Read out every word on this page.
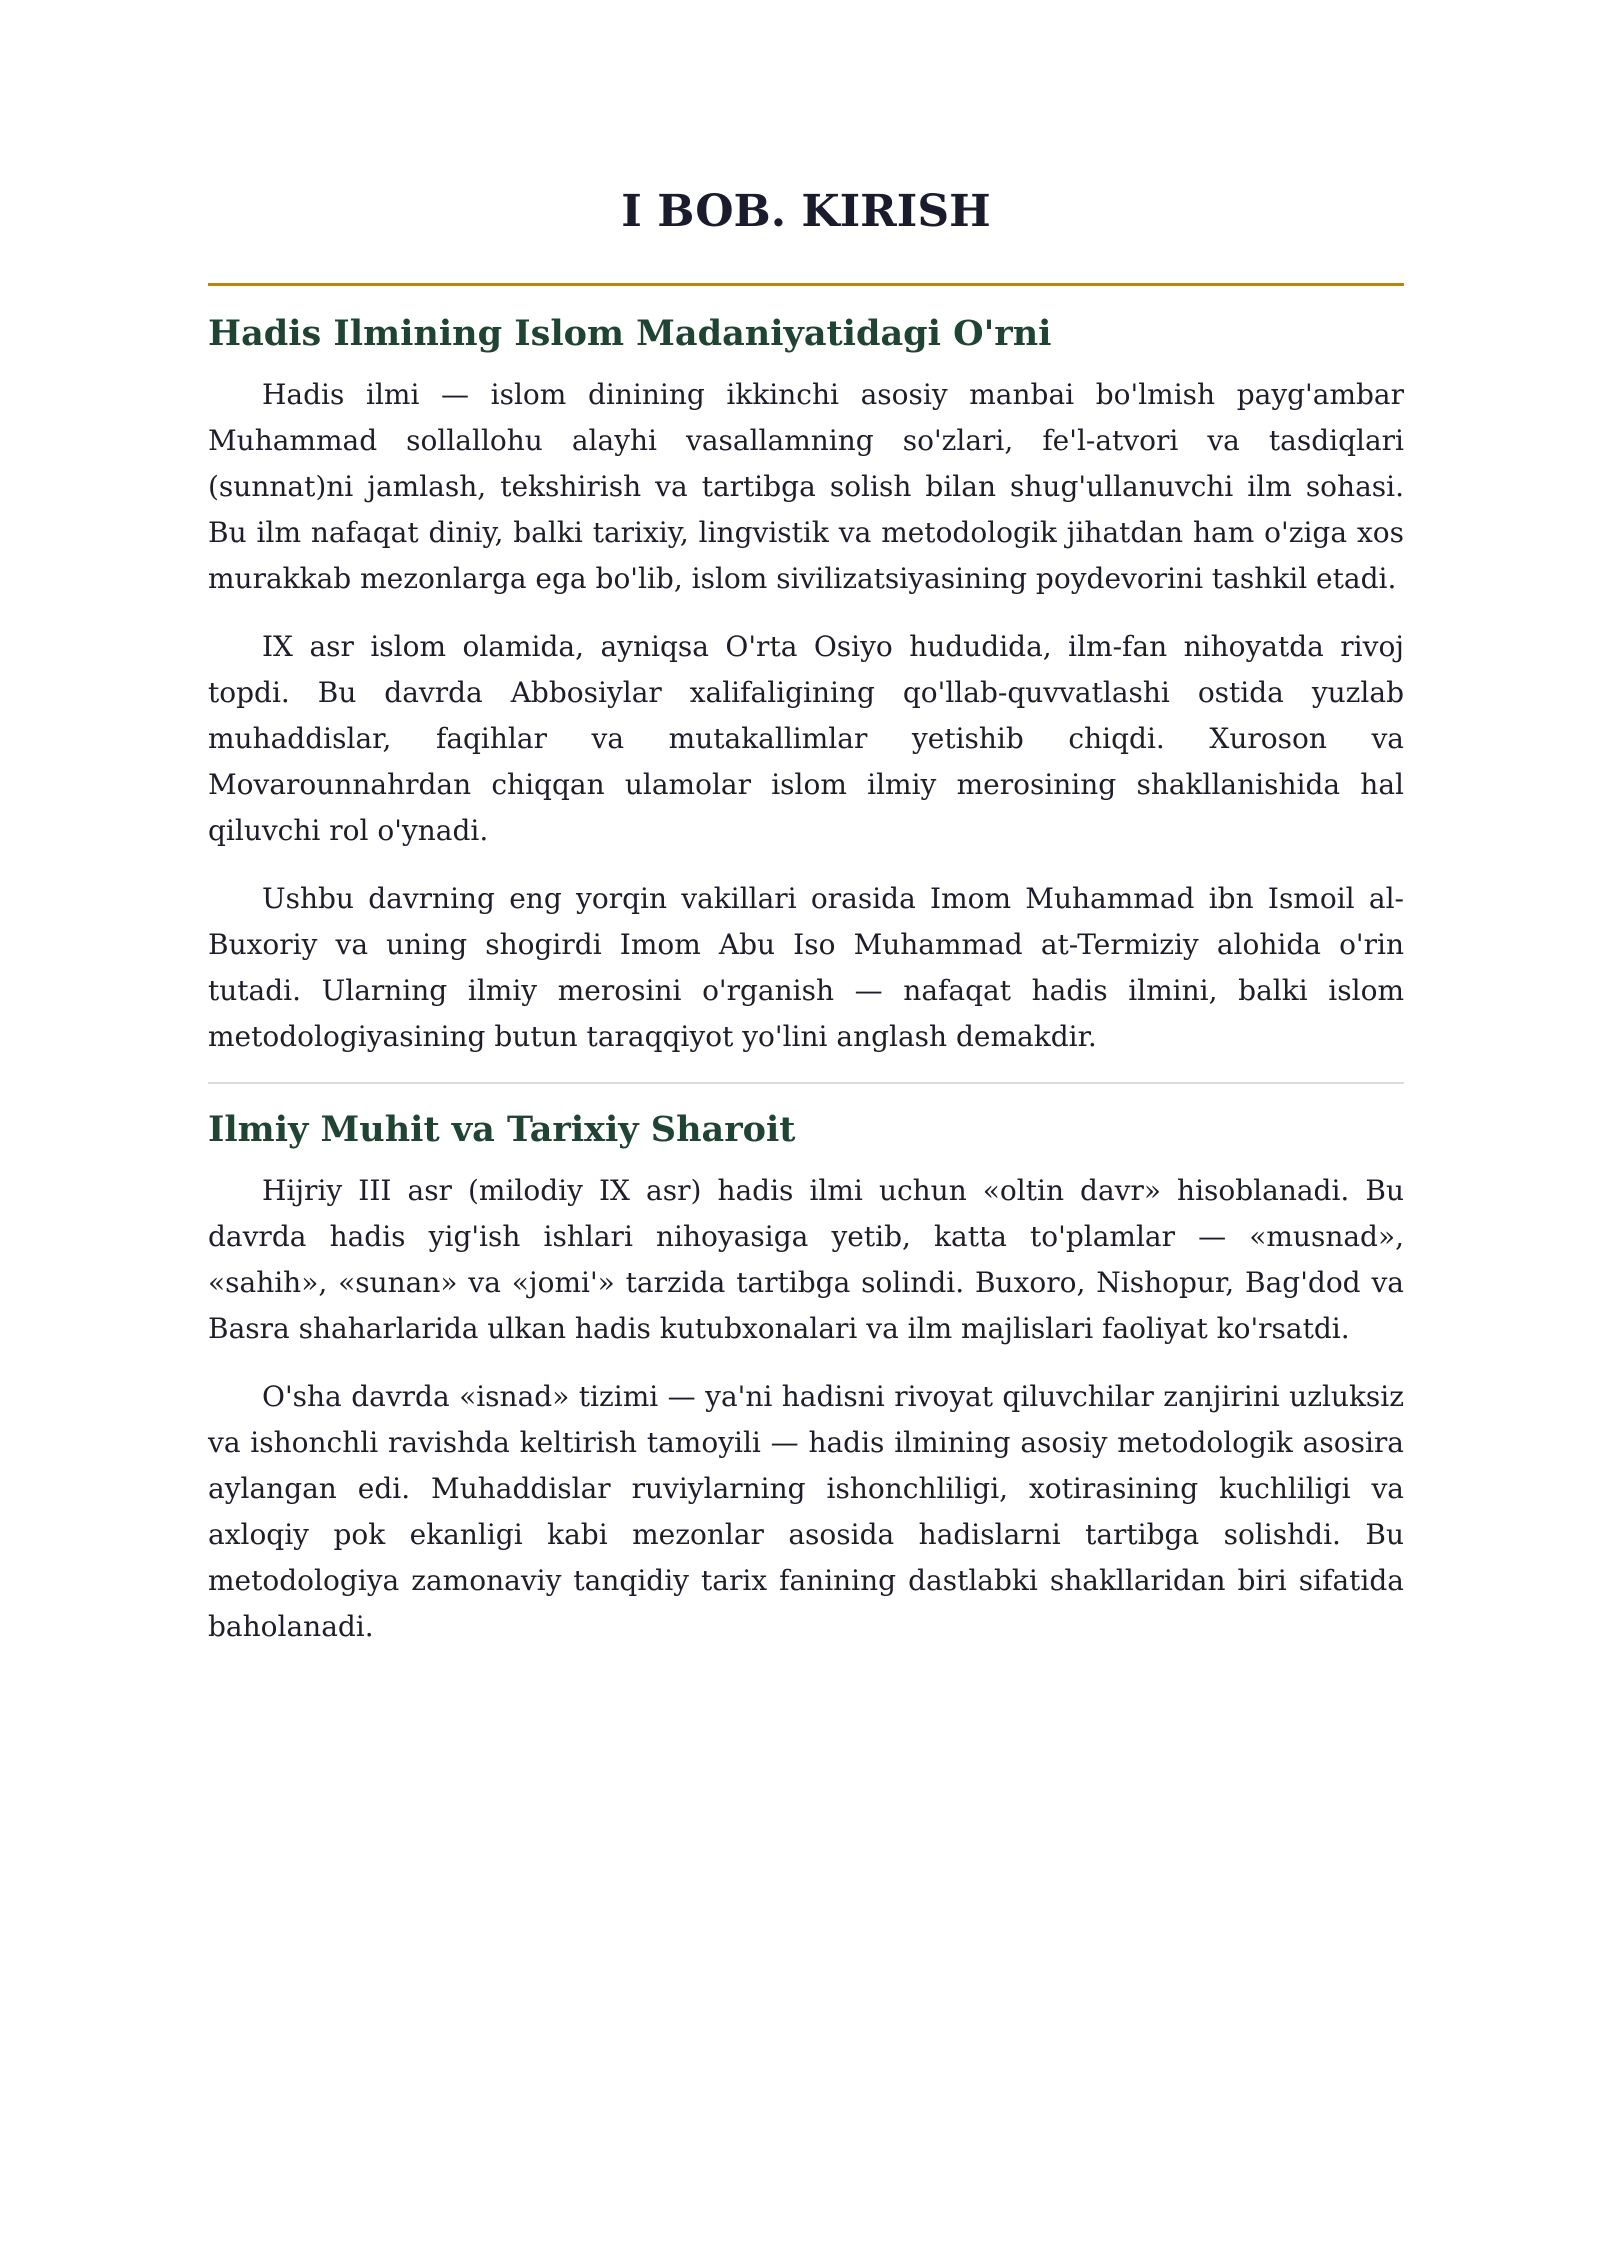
I BOB. KIRISH
Hadis Ilmining Islom Madaniyatidagi O'rni

Hadis ilmi — islom dinining ikkinchi asosiy manbai bo'lmish payg'ambar Muhammad sollallohu alayhi vasallamning so'zlari, fe'l-atvori va tasdiqlari (sunnat)ni jamlash, tekshirish va tartibga solish bilan shug'ullanuvchi ilm sohasi. Bu ilm nafaqat diniy, balki tarixiy, lingvistik va metodologik jihatdan ham o'ziga xos murakkab mezonlarga ega bo'lib, islom sivilizatsiyasining poydevorini tashkil etadi.

IX asr islom olamida, ayniqsa O'rta Osiyo hududida, ilm-fan nihoyatda rivoj topdi. Bu davrda Abbosiylar xalifaligining qo'llab-quvvatlashi ostida yuzlab muhaddislar, faqihlar va mutakallimlar yetishib chiqdi. Xuroson va Movarounnahrdan chiqqan ulamolar islom ilmiy merosining shakllanishida hal qiluvchi rol o'ynadi.

Ushbu davrning eng yorqin vakillari orasida Imom Muhammad ibn Ismoil al-Buxoriy va uning shogirdi Imom Abu Iso Muhammad at-Termiziy alohida o'rin tutadi. Ularning ilmiy merosini o'rganish — nafaqat hadis ilmini, balki islom metodologiyasining butun taraqqiyot yo'lini anglash demakdir.

Ilmiy Muhit va Tarixiy Sharoit

Hijriy III asr (milodiy IX asr) hadis ilmi uchun «oltin davr» hisoblanadi. Bu davrda hadis yig'ish ishlari nihoyasiga yetib, katta to'plamlar — «musnad», «sahih», «sunan» va «jomi'» tarzida tartibga solindi. Buxoro, Nishopur, Bag'dod va Basra shaharlarida ulkan hadis kutubxonalari va ilm majlislari faoliyat ko'rsatdi.

O'sha davrda «isnad» tizimi — ya'ni hadisni rivoyat qiluvchilar zanjirini uzluksiz va ishonchli ravishda keltirish tamoyili — hadis ilmining asosiy metodologik asosira aylangan edi. Muhaddislar ruviylarning ishonchliligi, xotirasining kuchliligi va axloqiy pok ekanligi kabi mezonlar asosida hadislarni tartibga solishdi. Bu metodologiya zamonaviy tanqidiy tarix fanining dastlabki shakllaridan biri sifatida baholanadi.
